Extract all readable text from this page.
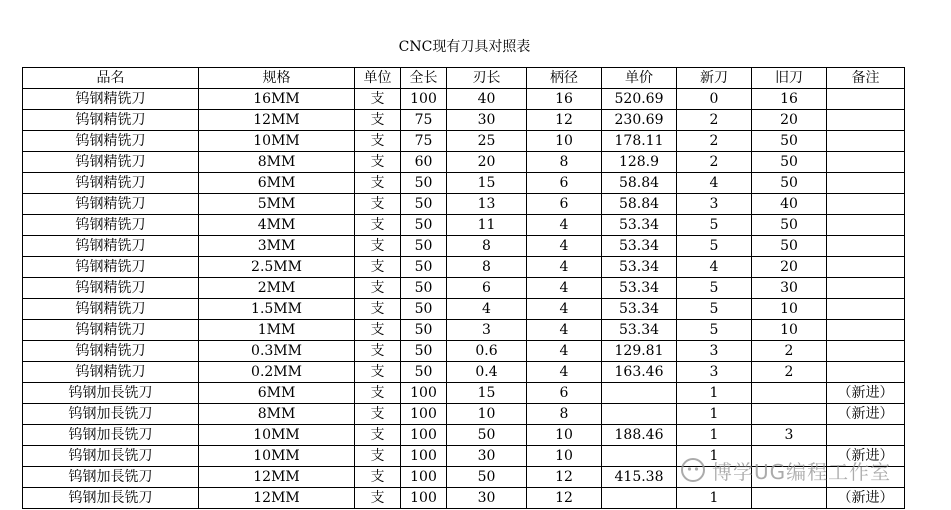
CNC现有刀具对照表
品名	规格	单位	全长	刃长	柄径	单价	新刀	旧刀	备注
钨钢精铣刀	16MM	支	100	40	16	520.69	0	16	
钨钢精铣刀	12MM	支	75	30	12	230.69	2	20	
钨钢精铣刀	10MM	支	75	25	10	178.11	2	50	
钨钢精铣刀	8MM	支	60	20	8	128.9	2	50	
钨钢精铣刀	6MM	支	50	15	6	58.84	4	50	
钨钢精铣刀	5MM	支	50	13	6	58.84	3	40	
钨钢精铣刀	4MM	支	50	11	4	53.34	5	50	
钨钢精铣刀	3MM	支	50	8	4	53.34	5	50	
钨钢精铣刀	2.5MM	支	50	8	4	53.34	4	20	
钨钢精铣刀	2MM	支	50	6	4	53.34	5	30	
钨钢精铣刀	1.5MM	支	50	4	4	53.34	5	10	
钨钢精铣刀	1MM	支	50	3	4	53.34	5	10	
钨钢精铣刀	0.3MM	支	50	0.6	4	129.81	3	2	
钨钢精铣刀	0.2MM	支	50	0.4	4	163.46	3	2	
钨钢加長铣刀	6MM	支	100	15	6		1		（新进）
钨钢加長铣刀	8MM	支	100	10	8		1		（新进）
钨钢加長铣刀	10MM	支	100	50	10	188.46	1	3	
钨钢加長铣刀	10MM	支	100	30	10		1		（新进）
钨钢加長铣刀	12MM	支	100	50	12	415.38			
钨钢加長铣刀	12MM	支	100	30	12		1		（新进）
博学UG编程工作室
